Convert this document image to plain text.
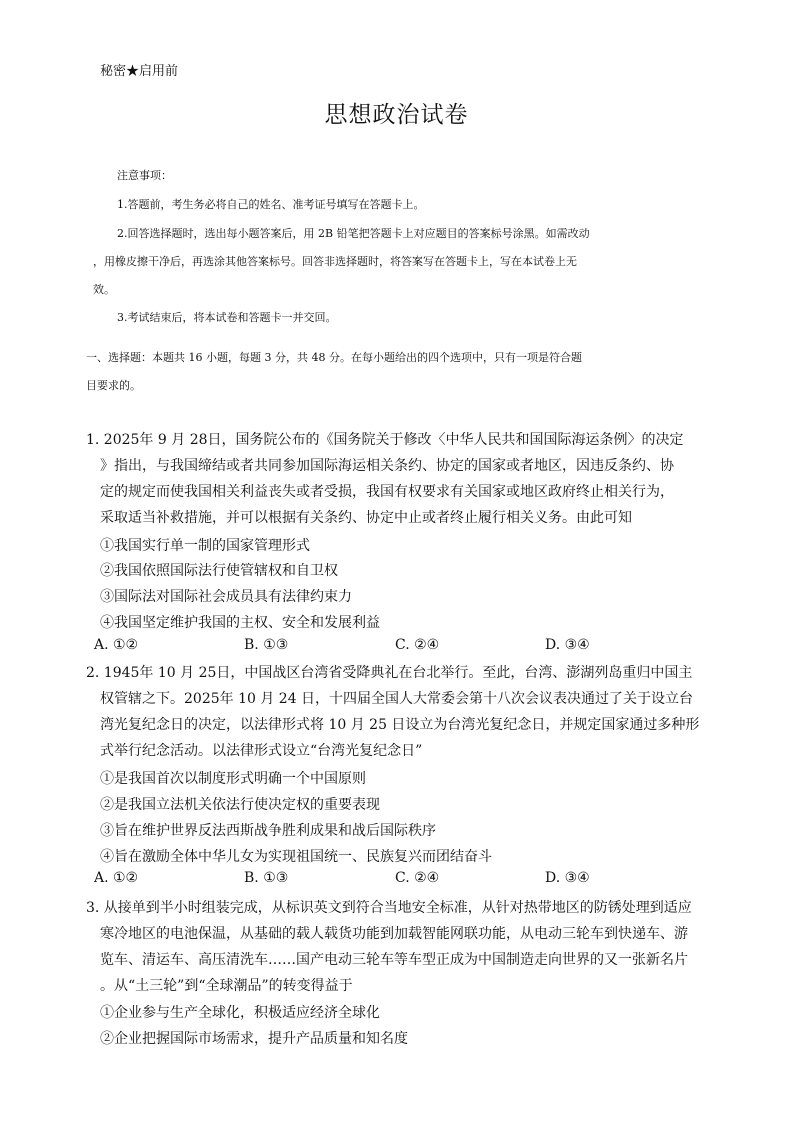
秘密★启用前
思想政治试卷
注意事项：
1.答题前，考生务必将自己的姓名、准考证号填写在答题卡上。
2.回答选择题时，选出每小题答案后，用 2B 铅笔把答题卡上对应题目的答案标号涂黑。如需改动
，用橡皮擦干净后，再选涂其他答案标号。回答非选择题时，将答案写在答题卡上，写在本试卷上无
效。
3.考试结束后，将本试卷和答题卡一并交回。
一、选择题：本题共 16 小题，每题 3 分，共 48 分。在每小题给出的四个选项中，只有一项是符合题
目要求的。
1. 2025年 9 月 28日，国务院公布的《国务院关于修改〈中华人民共和国国际海运条例〉的决定
》指出，与我国缔结或者共同参加国际海运相关条约、协定的国家或者地区，因违反条约、协
定的规定而使我国相关利益丧失或者受损，我国有权要求有关国家或地区政府终止相关行为，
采取适当补救措施，并可以根据有关条约、协定中止或者终止履行相关义务。由此可知
①我国实行单一制的国家管理形式
②我国依照国际法行使管辖权和自卫权
③国际法对国际社会成员具有法律约束力
④我国坚定维护我国的主权、安全和发展利益
A. ①②	B. ①③	C. ②④	D. ③④
2. 1945年 10 月 25日，中国战区台湾省受降典礼在台北举行。至此，台湾、澎湖列岛重归中国主
权管辖之下。2025年 10 月 24 日，十四届全国人大常委会第十八次会议表决通过了关于设立台
湾光复纪念日的决定，以法律形式将 10 月 25 日设立为台湾光复纪念日，并规定国家通过多种形
式举行纪念活动。以法律形式设立“台湾光复纪念日”
①是我国首次以制度形式明确一个中国原则
②是我国立法机关依法行使决定权的重要表现
③旨在维护世界反法西斯战争胜利成果和战后国际秩序
④旨在激励全体中华儿女为实现祖国统一、民族复兴而团结奋斗
A. ①②	B. ①③	C. ②④	D. ③④
3. 从接单到半小时组装完成，从标识英文到符合当地安全标准，从针对热带地区的防锈处理到适应
寒冷地区的电池保温，从基础的载人载货功能到加载智能网联功能，从电动三轮车到快递车、游
览车、清运车、高压清洗车……国产电动三轮车等车型正成为中国制造走向世界的又一张新名片
。从“土三轮”到“全球潮品”的转变得益于
①企业参与生产全球化，积极适应经济全球化
②企业把握国际市场需求，提升产品质量和知名度
